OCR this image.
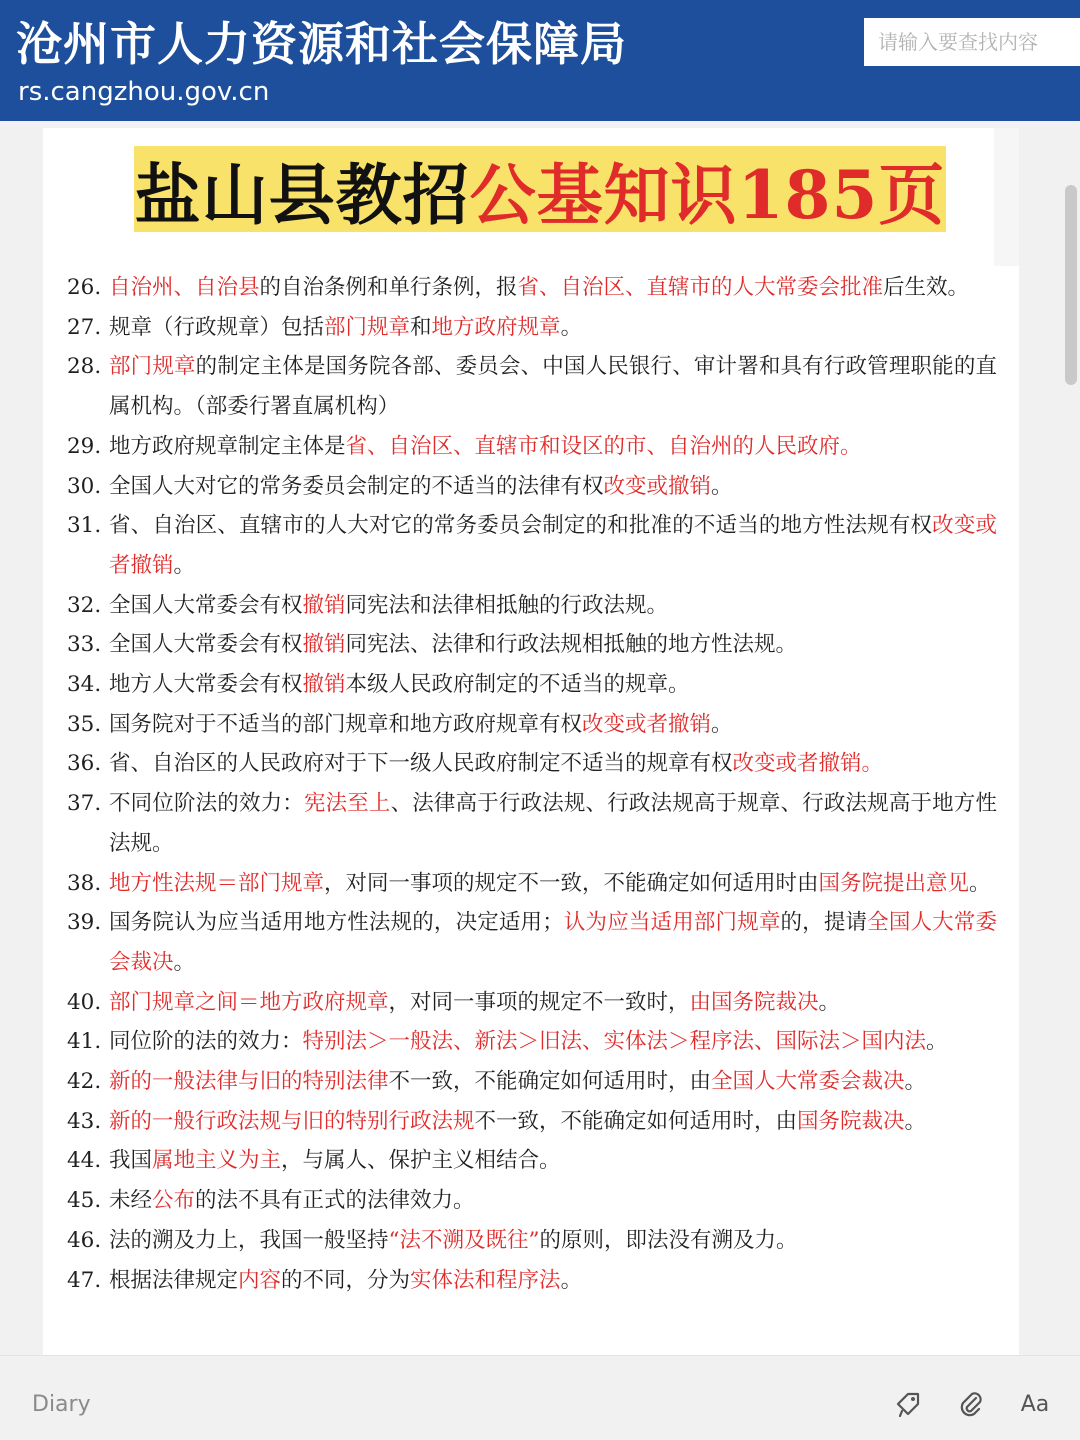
沧州市人力资源和社会保障局
rs.cangzhou.gov.cn
请输入要查找内容
盐山县教招 公基知识185页
26. 自治州、自治县的自治条例和单行条例，报省、自治区、直辖市的人大常委会批准后生效。
27. 规章（行政规章）包括部门规章和地方政府规章。
28. 部门规章的制定主体是国务院各部、委员会、中国人民银行、审计署和具有行政管理职能的直属机构。（部委行署直属机构）
29. 地方政府规章制定主体是省、自治区、直辖市和设区的市、自治州的人民政府。
30. 全国人大对它的常务委员会制定的不适当的法律有权改变或撤销。
31. 省、自治区、直辖市的人大对它的常务委员会制定的和批准的不适当的地方性法规有权改变或者撤销。
32. 全国人大常委会有权撤销同宪法和法律相抵触的行政法规。
33. 全国人大常委会有权撤销同宪法、法律和行政法规相抵触的地方性法规。
34. 地方人大常委会有权撤销本级人民政府制定的不适当的规章。
35. 国务院对于不适当的部门规章和地方政府规章有权改变或者撤销。
36. 省、自治区的人民政府对于下一级人民政府制定不适当的规章有权改变或者撤销。
37. 不同位阶法的效力：宪法至上、法律高于行政法规、行政法规高于规章、行政法规高于地方性法规。
38. 地方性法规＝部门规章，对同一事项的规定不一致，不能确定如何适用时由国务院提出意见。
39. 国务院认为应当适用地方性法规的，决定适用；认为应当适用部门规章的，提请全国人大常委会裁决。
40. 部门规章之间＝地方政府规章，对同一事项的规定不一致时，由国务院裁决。
41. 同位阶的法的效力：特别法＞一般法、新法＞旧法、实体法＞程序法、国际法＞国内法。
42. 新的一般法律与旧的特别法律不一致，不能确定如何适用时，由全国人大常委会裁决。
43. 新的一般行政法规与旧的特别行政法规不一致，不能确定如何适用时，由国务院裁决。
44. 我国属地主义为主，与属人、保护主义相结合。
45. 未经公布的法不具有正式的法律效力。
46. 法的溯及力上，我国一般坚持“法不溯及既往”的原则，即法没有溯及力。
47. 根据法律规定内容的不同，分为实体法和程序法。
Diary	Aa
